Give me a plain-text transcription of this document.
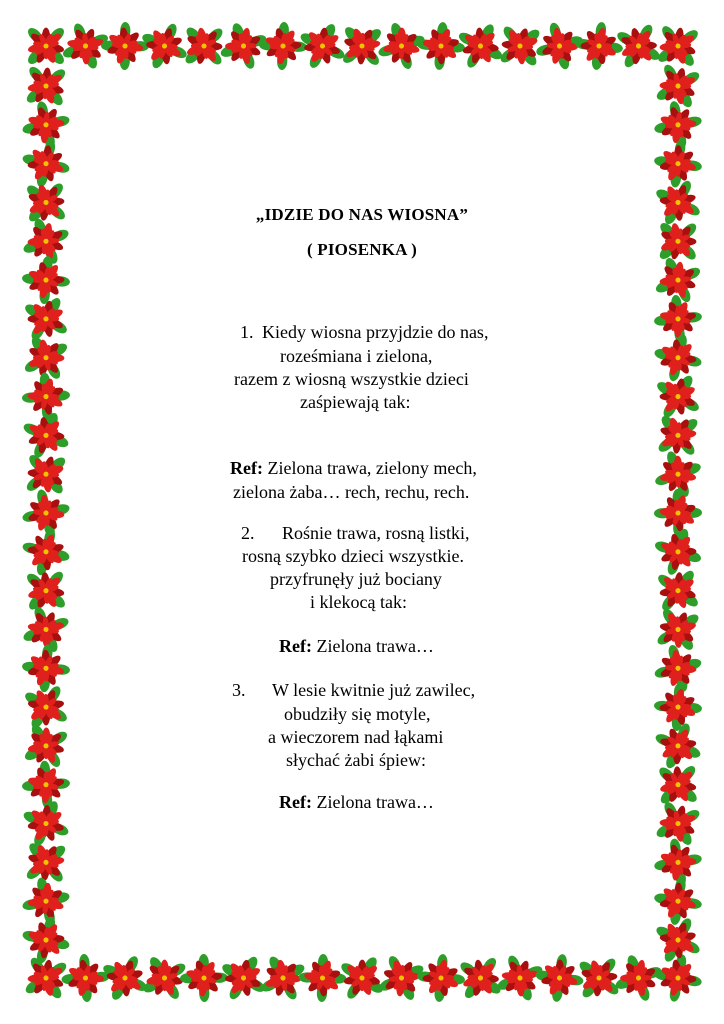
„IDZIE DO NAS WIOSNA”
( PIOSENKA )
1. Kiedy wiosna przyjdzie do nas,
roześmiana i zielona,
razem z wiosną wszystkie dzieci
zaśpiewają tak:
Ref: Zielona trawa, zielony mech,
zielona żaba… rech, rechu, rech.
2. Rośnie trawa, rosną listki,
rosną szybko dzieci wszystkie.
przyfrunęły już bociany
i klekocą tak:
Ref: Zielona trawa…
3. W lesie kwitnie już zawilec,
obudziły się motyle,
a wieczorem nad łąkami
słychać żabi śpiew:
Ref: Zielona trawa…
